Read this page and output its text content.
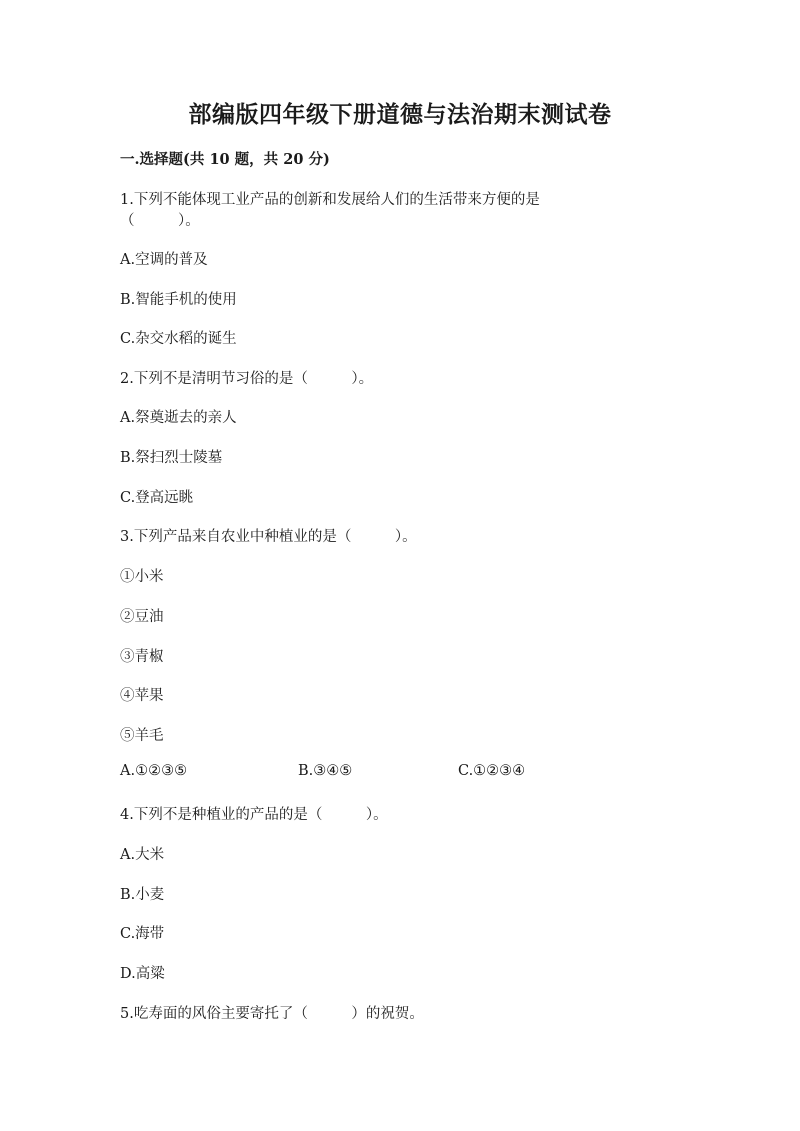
部编版四年级下册道德与法治期末测试卷
一.选择题(共 10 题，共 20 分)
1.下列不能体现工业产品的创新和发展给人们的生活带来方便的是
（　　　）。
A.空调的普及
B.智能手机的使用
C.杂交水稻的诞生
2.下列不是清明节习俗的是（　　　）。
A.祭奠逝去的亲人
B.祭扫烈士陵墓
C.登高远眺
3.下列产品来自农业中种植业的是（　　　）。
①小米
②豆油
③青椒
④苹果
⑤羊毛
A.①②③⑤	B.③④⑤	C.①②③④
4.下列不是种植业的产品的是（　　　）。
A.大米
B.小麦
C.海带
D.高粱
5.吃寿面的风俗主要寄托了（　　　）的祝贺。
